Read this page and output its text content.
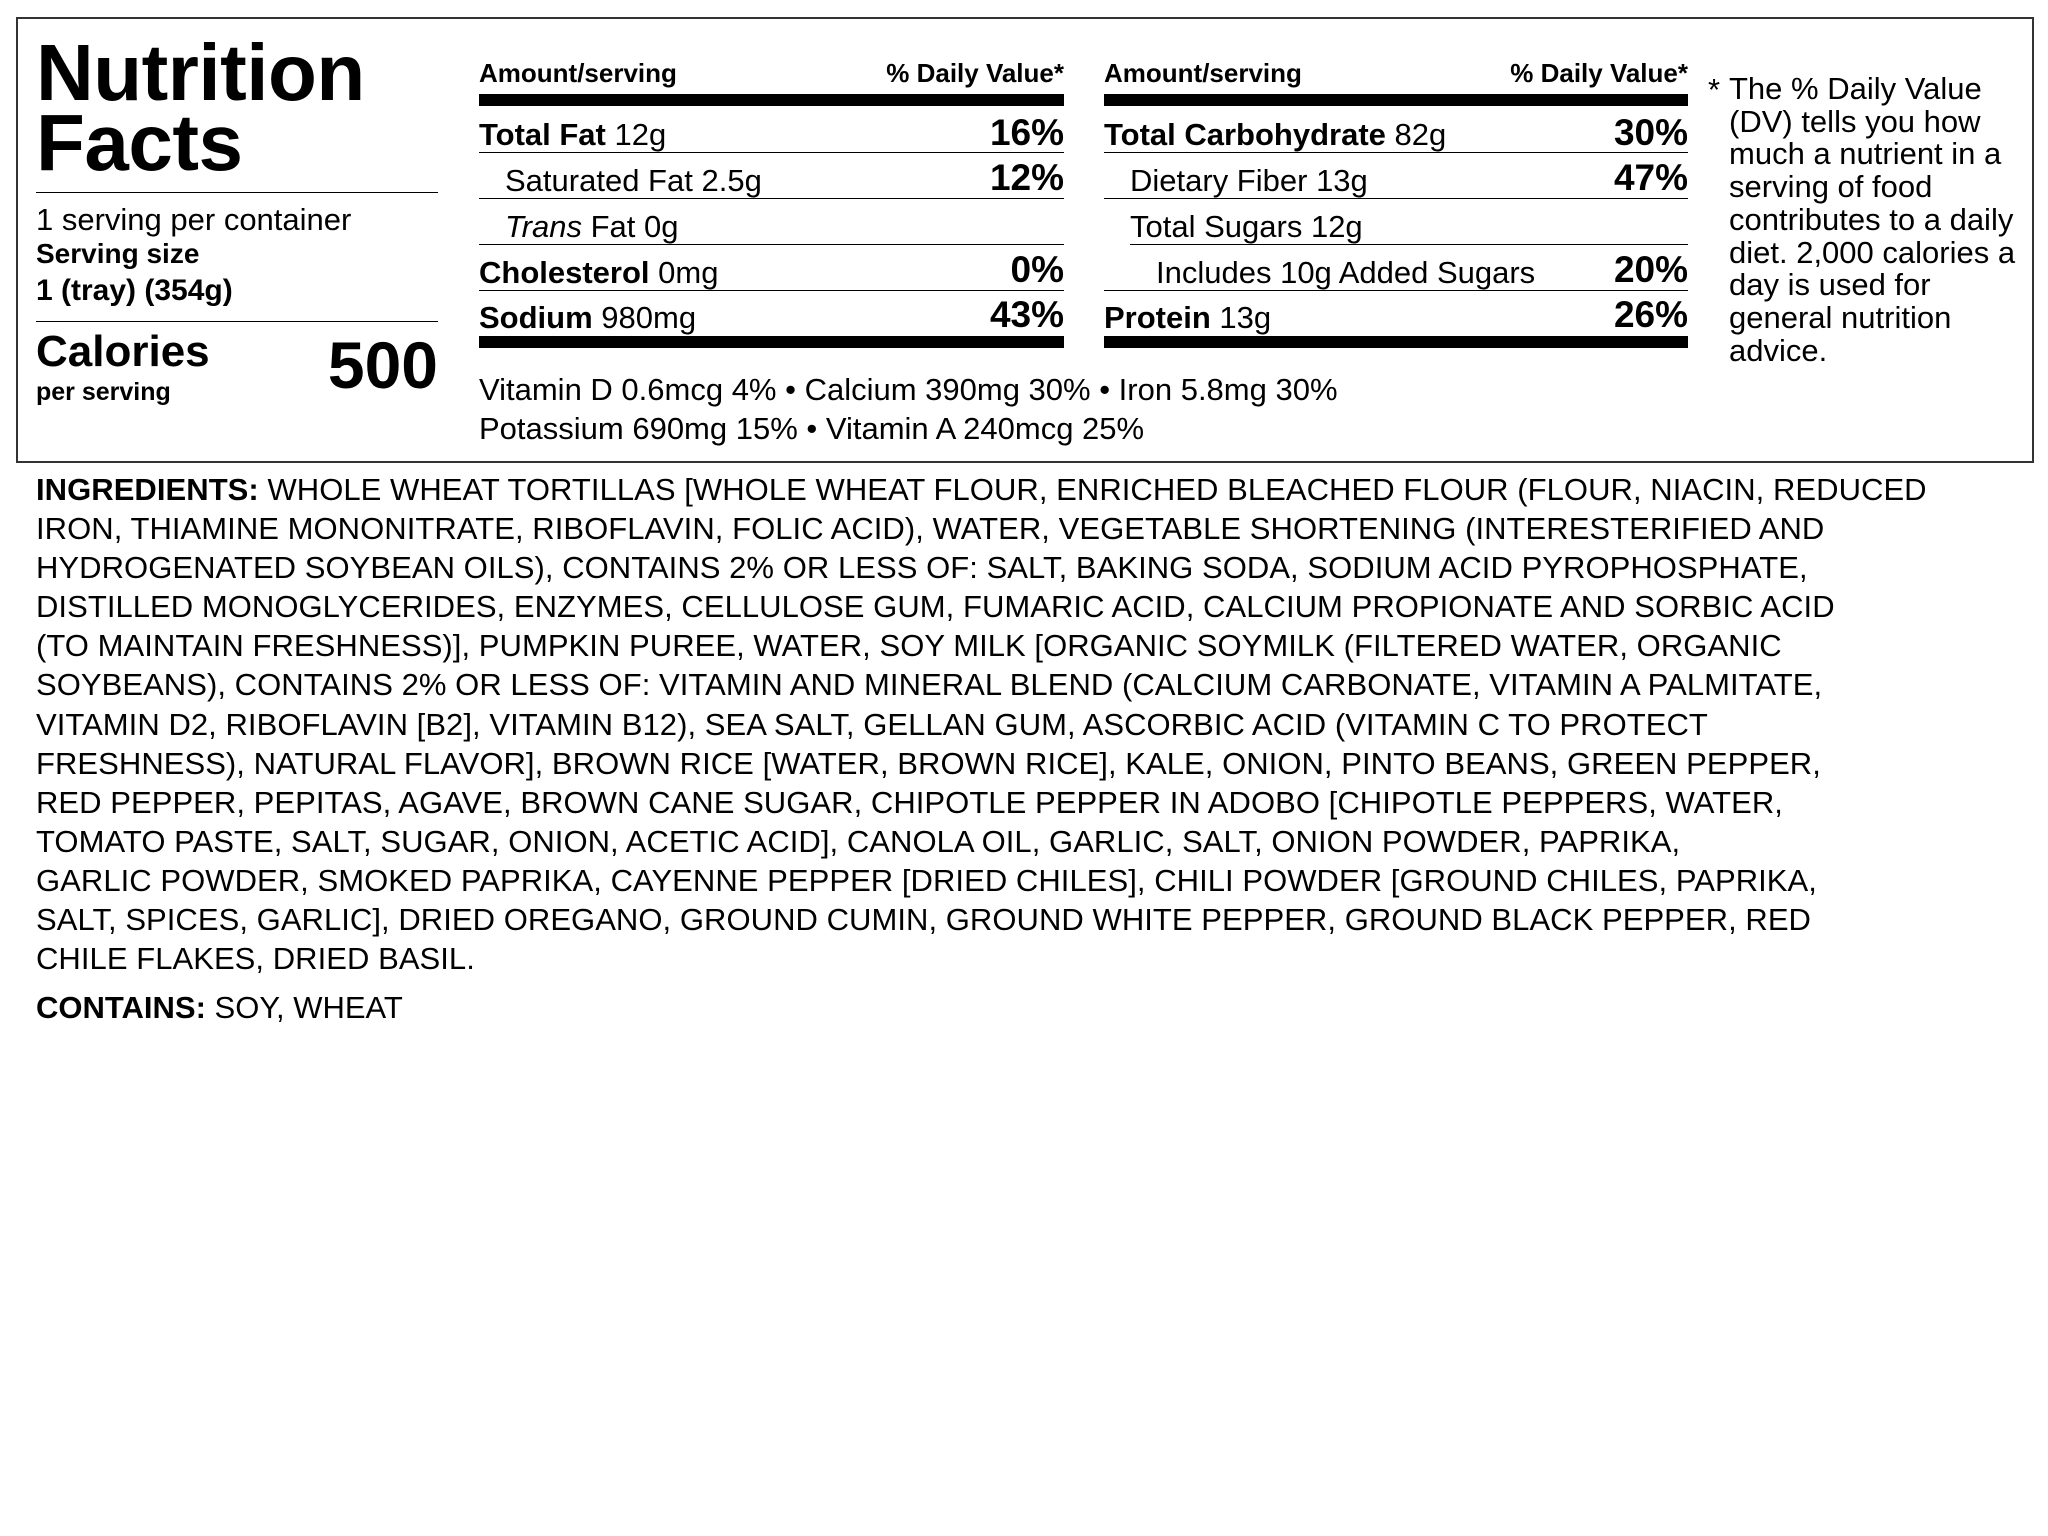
Nutrition
Facts
1 serving per container
Serving size
1 (tray) (354g)
Calories
per serving	500
Amount/serving	% Daily Value*
Total Fat 12g	16%
Saturated Fat 2.5g	12%
Trans Fat 0g
Cholesterol 0mg	0%
Sodium 980mg	43%
Amount/serving	% Daily Value*
Total Carbohydrate 82g	30%
Dietary Fiber 13g	47%
Total Sugars 12g
Includes 10g Added Sugars	20%
Protein 13g	26%
Vitamin D 0.6mcg 4% • Calcium 390mg 30% • Iron 5.8mg 30%
Potassium 690mg 15% • Vitamin A 240mcg 25%
* The % Daily Value (DV) tells you how much a nutrient in a serving of food contributes to a daily diet. 2,000 calories a day is used for general nutrition advice.
INGREDIENTS: WHOLE WHEAT TORTILLAS [WHOLE WHEAT FLOUR, ENRICHED BLEACHED FLOUR (FLOUR, NIACIN, REDUCED
IRON, THIAMINE MONONITRATE, RIBOFLAVIN, FOLIC ACID), WATER, VEGETABLE SHORTENING (INTERESTERIFIED AND
HYDROGENATED SOYBEAN OILS), CONTAINS 2% OR LESS OF: SALT, BAKING SODA, SODIUM ACID PYROPHOSPHATE,
DISTILLED MONOGLYCERIDES, ENZYMES, CELLULOSE GUM, FUMARIC ACID, CALCIUM PROPIONATE AND SORBIC ACID
(TO MAINTAIN FRESHNESS)], PUMPKIN PUREE, WATER, SOY MILK [ORGANIC SOYMILK (FILTERED WATER, ORGANIC
SOYBEANS), CONTAINS 2% OR LESS OF: VITAMIN AND MINERAL BLEND (CALCIUM CARBONATE, VITAMIN A PALMITATE,
VITAMIN D2, RIBOFLAVIN [B2], VITAMIN B12), SEA SALT, GELLAN GUM, ASCORBIC ACID (VITAMIN C TO PROTECT
FRESHNESS), NATURAL FLAVOR], BROWN RICE [WATER, BROWN RICE], KALE, ONION, PINTO BEANS, GREEN PEPPER,
RED PEPPER, PEPITAS, AGAVE, BROWN CANE SUGAR, CHIPOTLE PEPPER IN ADOBO [CHIPOTLE PEPPERS, WATER,
TOMATO PASTE, SALT, SUGAR, ONION, ACETIC ACID], CANOLA OIL, GARLIC, SALT, ONION POWDER, PAPRIKA,
GARLIC POWDER, SMOKED PAPRIKA, CAYENNE PEPPER [DRIED CHILES], CHILI POWDER [GROUND CHILES, PAPRIKA,
SALT, SPICES, GARLIC], DRIED OREGANO, GROUND CUMIN, GROUND WHITE PEPPER, GROUND BLACK PEPPER, RED
CHILE FLAKES, DRIED BASIL.
CONTAINS: SOY, WHEAT
